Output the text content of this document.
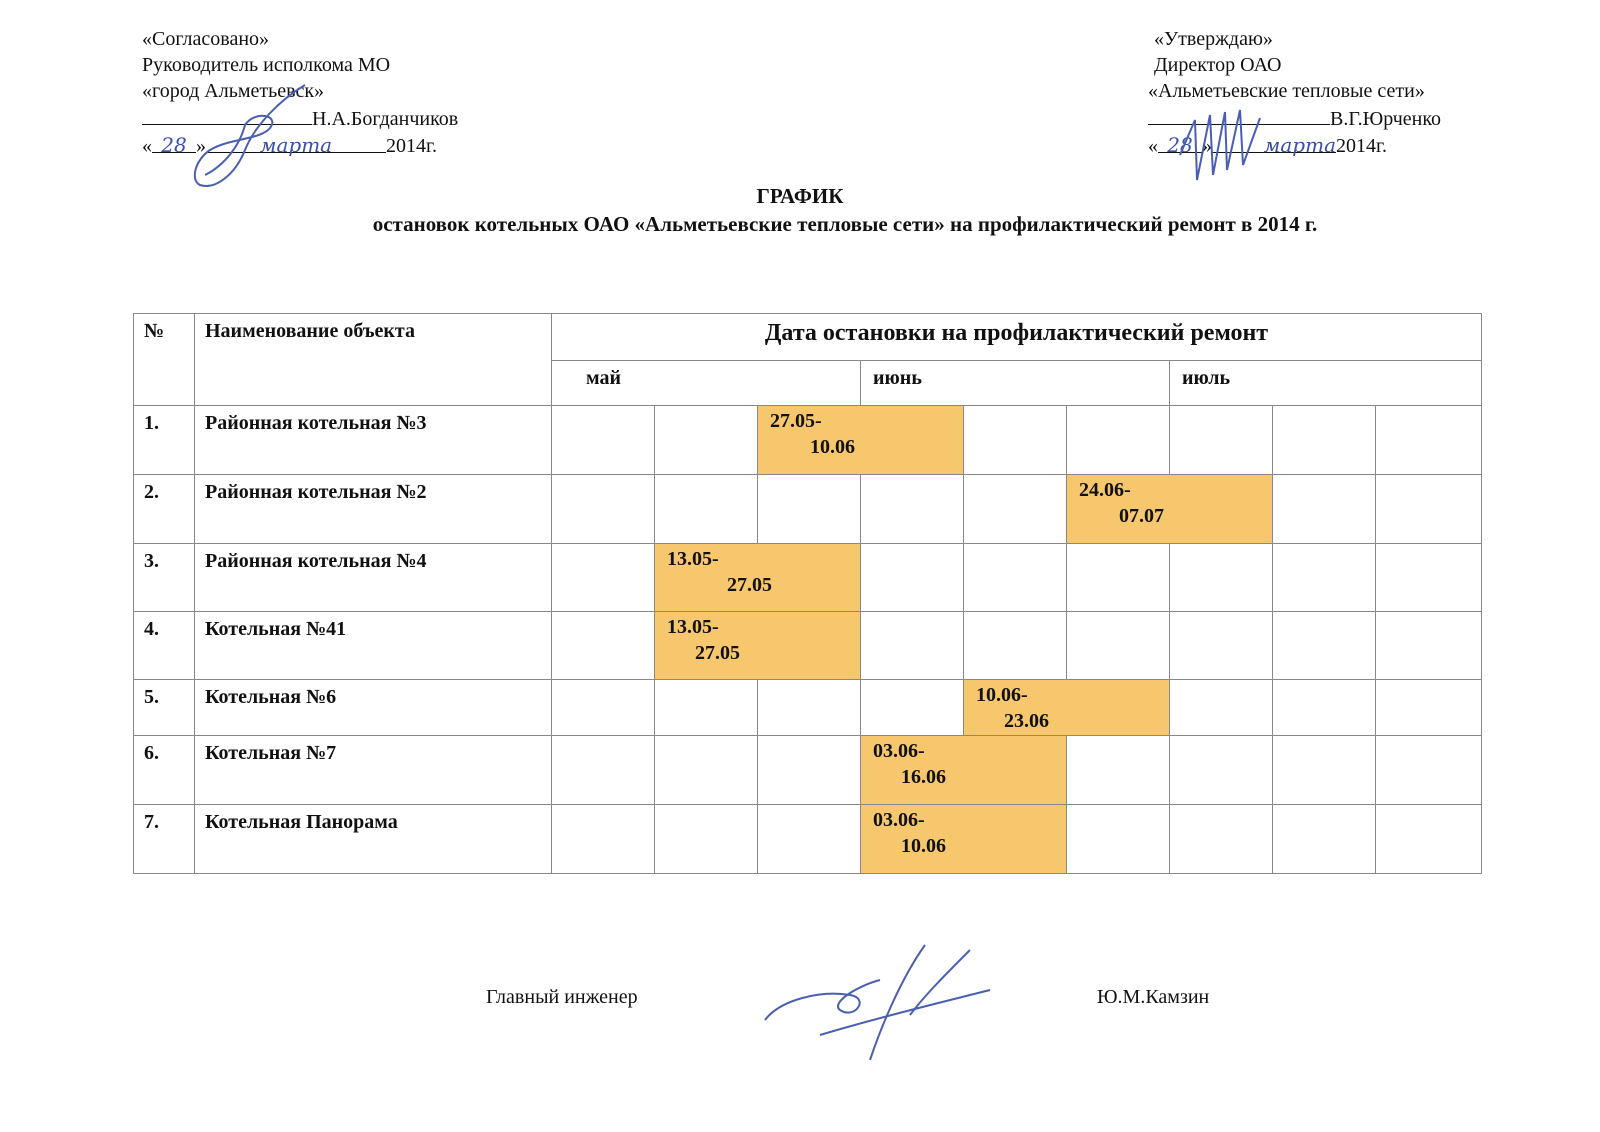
«Согласовано»
Руководитель исполкома МО
«город Альметьевск»
Н.А.Богданчиков
« 28 »	марта	2014г.
«Утверждаю»
Директор ОАО
«Альметьевские тепловые сети»
В.Г.Юрченко
« 28 »	марта 2014г.
ГРАФИК
остановок котельных ОАО «Альметьевские тепловые сети» на профилактический ремонт в 2014 г.
№	Наименование объекта	Дата остановки на профилактический ремонт								
		май			июнь			июль		
1.	Районная котельная №3			27.05-
10.06						

2.	Районная котельная №2						24.06-
07.07			

3.	Районная котельная №4		13.05-
27.05							

4.	Котельная №41		13.05-
27.05							

5.	Котельная №6					10.06-
23.06				

6.	Котельная №7				03.06-
16.06					

7.	Котельная Панорама				03.06-
10.06					

Главный инженер	Ю.М.Камзин
